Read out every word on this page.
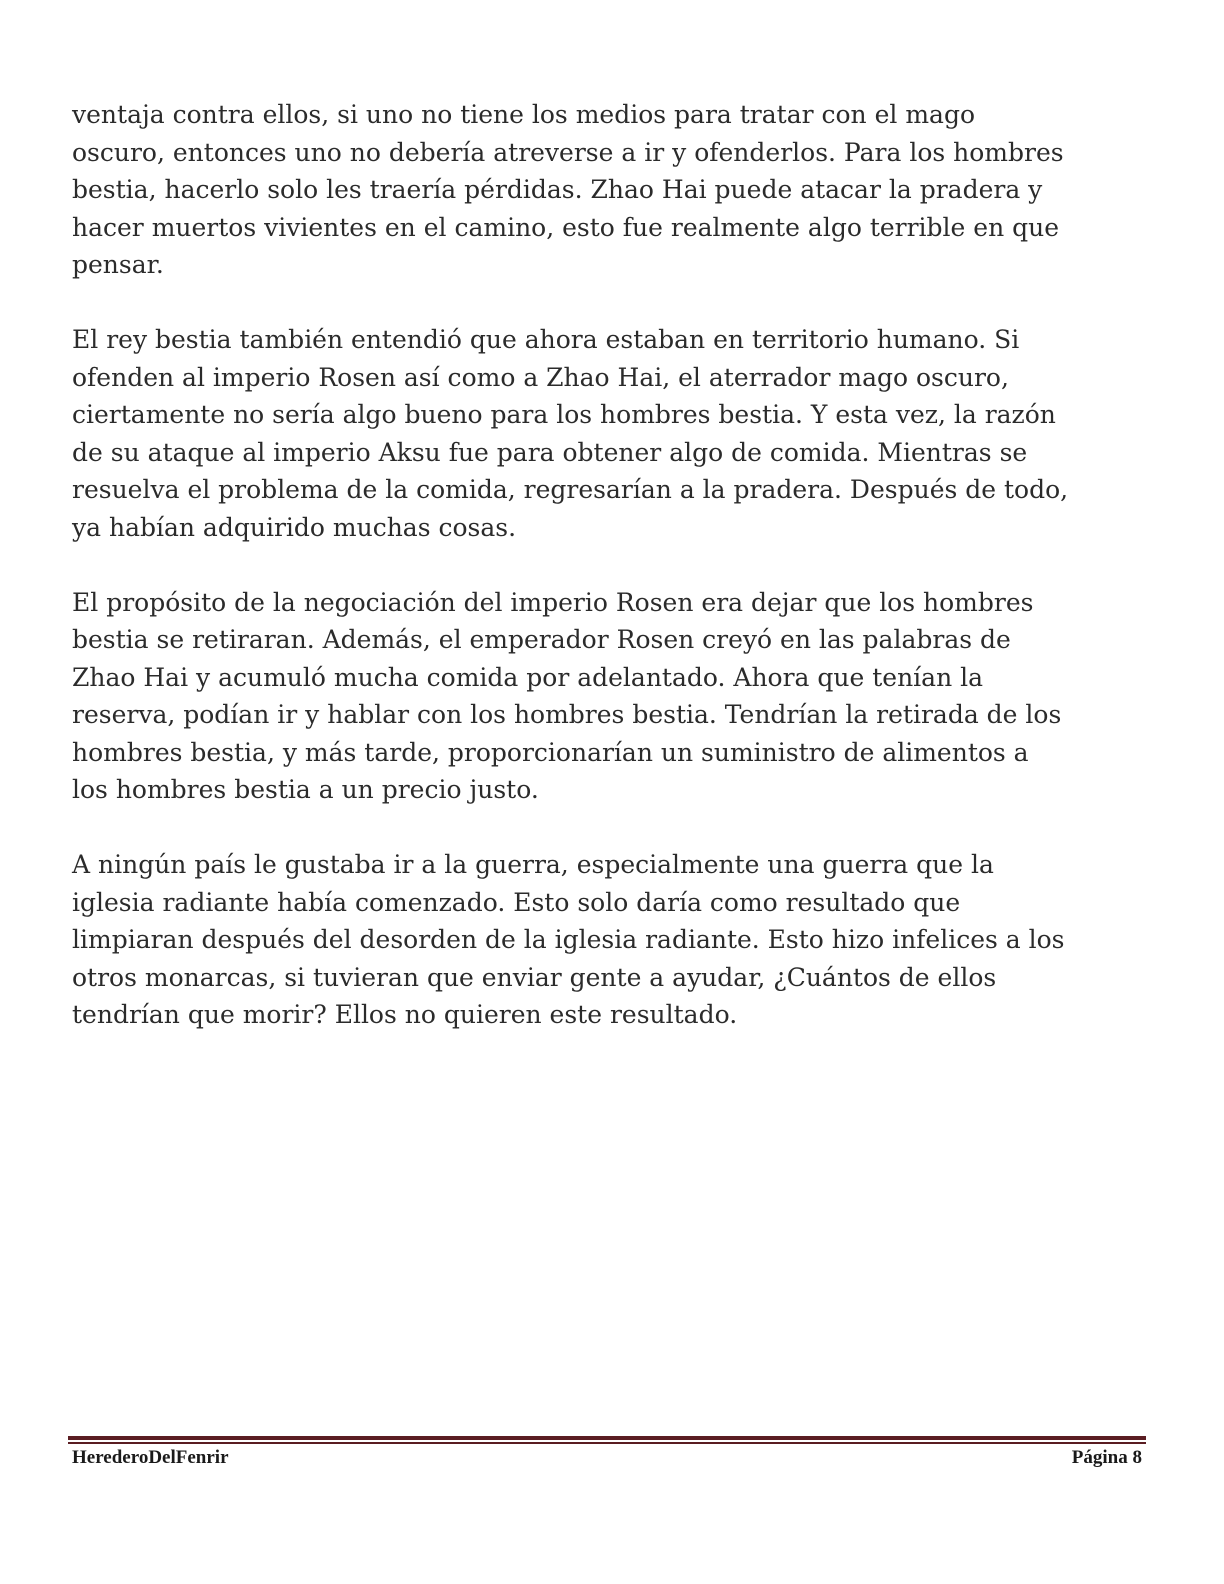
ventaja contra ellos, si uno no tiene los medios para tratar con el mago
oscuro, entonces uno no debería atreverse a ir y ofenderlos. Para los hombres
bestia, hacerlo solo les traería pérdidas. Zhao Hai puede atacar la pradera y
hacer muertos vivientes en el camino, esto fue realmente algo terrible en que
pensar.

El rey bestia también entendió que ahora estaban en territorio humano. Si
ofenden al imperio Rosen así como a Zhao Hai, el aterrador mago oscuro,
ciertamente no sería algo bueno para los hombres bestia. Y esta vez, la razón
de su ataque al imperio Aksu fue para obtener algo de comida. Mientras se
resuelva el problema de la comida, regresarían a la pradera. Después de todo,
ya habían adquirido muchas cosas.

El propósito de la negociación del imperio Rosen era dejar que los hombres
bestia se retiraran. Además, el emperador Rosen creyó en las palabras de
Zhao Hai y acumuló mucha comida por adelantado. Ahora que tenían la
reserva, podían ir y hablar con los hombres bestia. Tendrían la retirada de los
hombres bestia, y más tarde, proporcionarían un suministro de alimentos a
los hombres bestia a un precio justo.

A ningún país le gustaba ir a la guerra, especialmente una guerra que la
iglesia radiante había comenzado. Esto solo daría como resultado que
limpiaran después del desorden de la iglesia radiante. Esto hizo infelices a los
otros monarcas, si tuvieran que enviar gente a ayudar, ¿Cuántos de ellos
tendrían que morir? Ellos no quieren este resultado.

HerederoDelFenrir	Página 8
